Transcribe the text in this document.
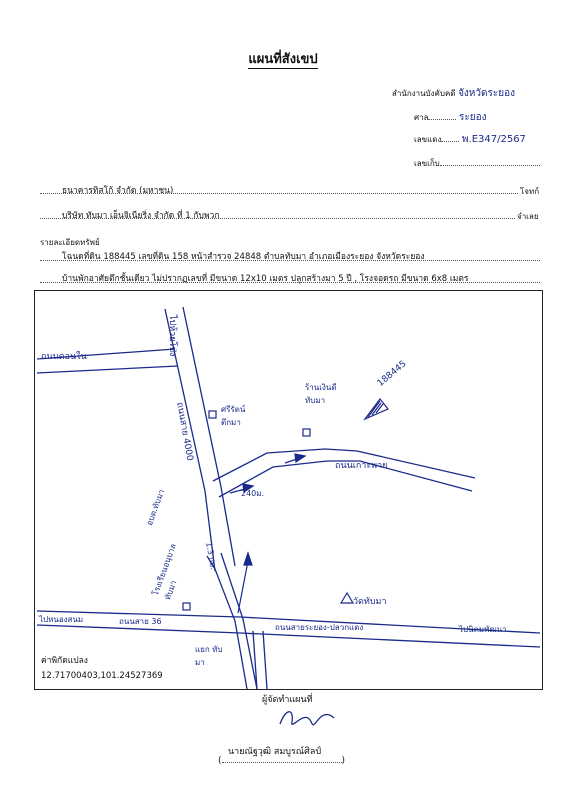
แผนที่สังเขป
สำนักงานบังคับคดี จังหวัดระยอง
ศาล	ระยอง
เลขแดง พ.E347/2567
เลขเก็บ
ธนาคารทิสโก้ จำกัด (มหาชน)	โจทก์
บริษัท ทับมา เอ็นจิเนียริ่ง จำกัด ที่ 1 กับพวก	จำเลย
รายละเอียดทรัพย์
โฉนดที่ดิน 188445 เลขที่ดิน 158 หน้าสำรวจ 24848 ตำบลทับมา อำเภอเมืองระยอง จังหวัดระยอง
บ้านพักอาศัยตึกชั้นเดียว ไม่ปรากฏเลขที่ มีขนาด 12x10 เมตร ปลูกสร้างมา 5 ปี , โรงจอดรถ มีขนาด 6x8 เมตร
ไปห้วยโป่ง
ถนนดอนใน
ถนนสาย 4000	ศรีรัตน์ ตึกมา
ร้านเงินดี ทับมา
188445
ถนนเกาะพาย
240ม.
1.3 กม.
อบต.ทับมา
โรงเรียนอนุบาลทับมา
ไปหนองสนม	ถนนสาย 36
ถนนสายระยอง-ปลวกแดง	ไปนิคมพัฒนา
วัดทับมา
แยก ทับมา
ค่าพิกัดแปลง
12.71700403,101.24527369
ผู้จัดทำแผนที่
นายณัฐวุฒิ สมบูรณ์ศิลป์
(	)
